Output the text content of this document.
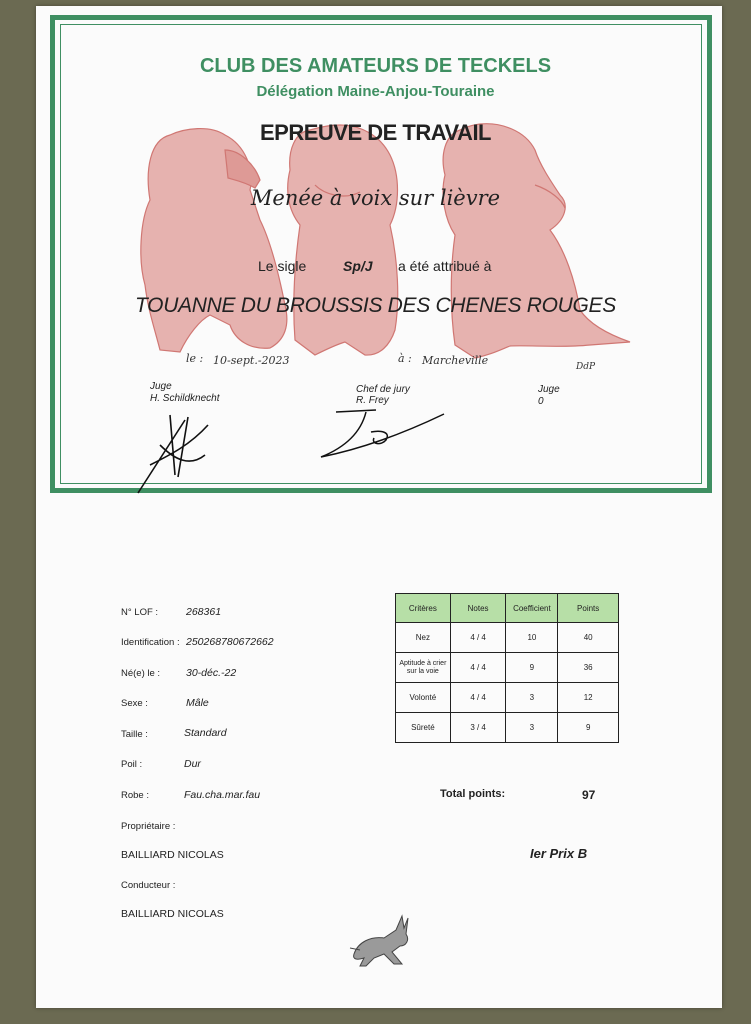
CLUB DES AMATEURS DE TECKELS
Délégation Maine-Anjou-Touraine
EPREUVE DE TRAVAIL
Menée à voix sur lièvre
Le sigle	Sp/J a été attribué à
TOUANNE DU BROUSSIS DES CHENES ROUGES
le : 10-sept.-2023	à : Marcheville	DdP
Juge
H. Schildknecht
Chef de jury
R. Frey
Juge
0
N° LOF :	268361
Identification : 250268780672662
Né(e) le : 30-déc.-22
Sexe :	Mâle
Taille :	Standard
Poil :	Dur
Robe :	Fau.cha.mar.fau
Propriétaire :
BAILLIARD NICOLAS
Conducteur :
BAILLIARD NICOLAS
Critères	Notes	Coefficient	Points
Nez	4 / 4	10	40
Aptitude à crier sur la voie	4 / 4	9	36
Volonté	4 / 4	3	12
Sûreté	3 / 4	3	9
Total points:	97
Ier Prix B
